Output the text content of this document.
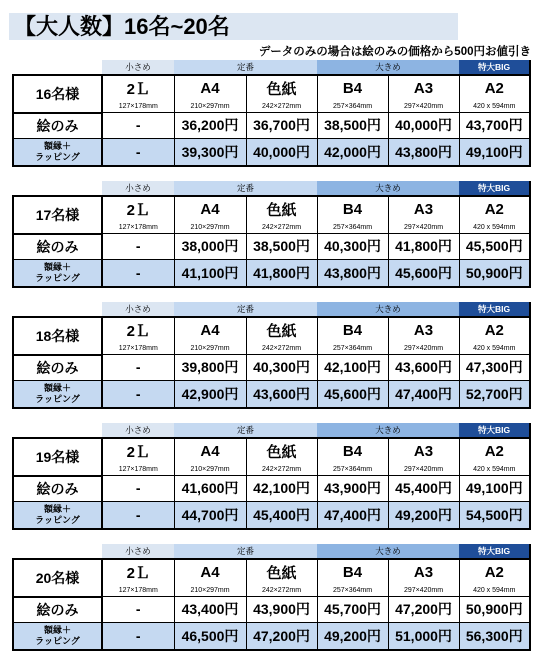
【大人数】16名~20名
データのみの場合は絵のみの価格から500円お値引き
	小さめ	定番		大きめ		特大BIG
16名様	2Ｌ	A4	色紙	B4	A3	A2
	127×178mm	210×297mm	242×272mm	257×364mm	297×420mm	420 x 594mm
絵のみ	-	36,200円	36,700円	38,500円	40,000円	43,700円

額縁＋
ラッピング	-	39,300円	40,000円	42,000円	43,800円	49,100円
	小さめ	定番		大きめ		特大BIG
17名様	2Ｌ	A4	色紙	B4	A3	A2
	127×178mm	210×297mm	242×272mm	257×364mm	297×420mm	420 x 594mm
絵のみ	-	38,000円	38,500円	40,300円	41,800円	45,500円

額縁＋
ラッピング	-	41,100円	41,800円	43,800円	45,600円	50,900円
	小さめ	定番		大きめ		特大BIG
18名様	2Ｌ	A4	色紙	B4	A3	A2
	127×178mm	210×297mm	242×272mm	257×364mm	297×420mm	420 x 594mm
絵のみ	-	39,800円	40,300円	42,100円	43,600円	47,300円

額縁＋
ラッピング	-	42,900円	43,600円	45,600円	47,400円	52,700円
	小さめ	定番		大きめ		特大BIG
19名様	2Ｌ	A4	色紙	B4	A3	A2
	127×178mm	210×297mm	242×272mm	257×364mm	297×420mm	420 x 594mm
絵のみ	-	41,600円	42,100円	43,900円	45,400円	49,100円

額縁＋
ラッピング	-	44,700円	45,400円	47,400円	49,200円	54,500円
	小さめ	定番		大きめ		特大BIG
20名様	2Ｌ	A4	色紙	B4	A3	A2
	127×178mm	210×297mm	242×272mm	257×364mm	297×420mm	420 x 594mm
絵のみ	-	43,400円	43,900円	45,700円	47,200円	50,900円

額縁＋
ラッピング	-	46,500円	47,200円	49,200円	51,000円	56,300円
